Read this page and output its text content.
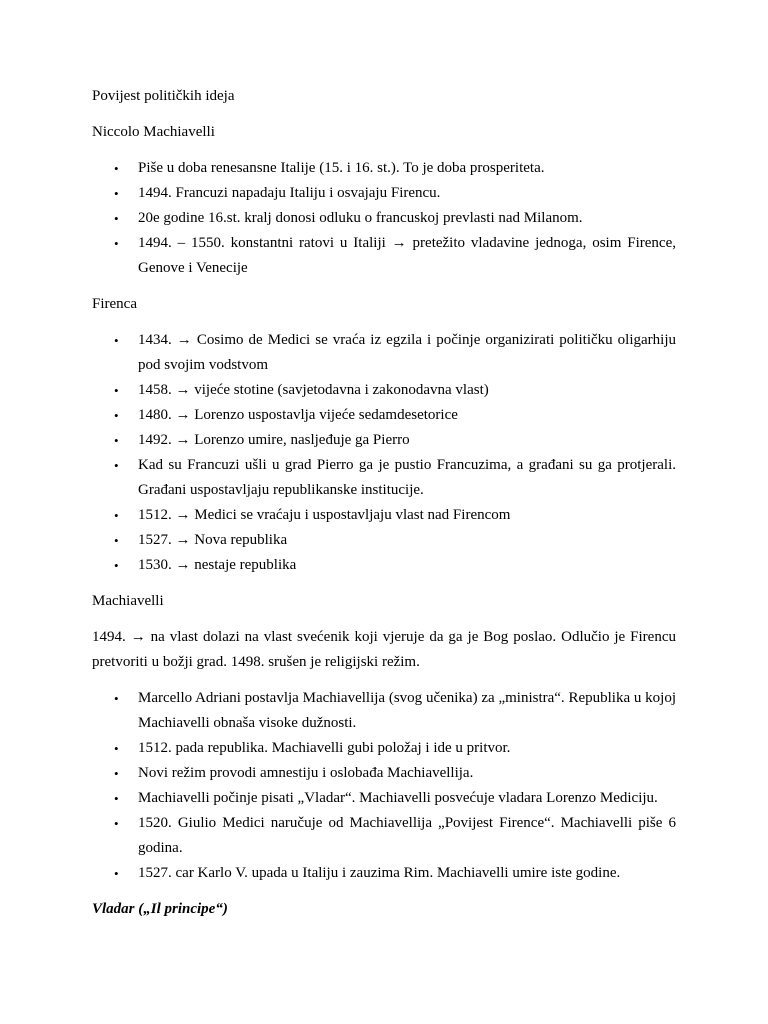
Povijest političkih ideja

Niccolo Machiavelli

• Piše u doba renesansne Italije (15. i 16. st.). To je doba prosperiteta.
• 1494. Francuzi napadaju Italiju i osvajaju Firencu.
• 20e godine 16.st. kralj donosi odluku o francuskoj prevlasti nad Milanom.
• 1494. – 1550. konstantni ratovi u Italiji → pretežito vladavine jednoga, osim Firence, Genove i Venecije

Firenca

• 1434. → Cosimo de Medici se vraća iz egzila i počinje organizirati političku oligarhiju pod svojim vodstvom
• 1458. → vijeće stotine (savjetodavna i zakonodavna vlast)
• 1480. → Lorenzo uspostavlja vijeće sedamdesetorice
• 1492. → Lorenzo umire, nasljeđuje ga Pierro
• Kad su Francuzi ušli u grad Pierro ga je pustio Francuzima, a građani su ga protjerali. Građani uspostavljaju republikanske institucije.
• 1512. → Medici se vraćaju i uspostavljaju vlast nad Firencom
• 1527. → Nova republika
• 1530. → nestaje republika

Machiavelli

1494. → na vlast dolazi na vlast svećenik koji vjeruje da ga je Bog poslao. Odlučio je Firencu pretvoriti u božji grad. 1498. srušen je religijski režim.

• Marcello Adriani postavlja Machiavellija (svog učenika) za „ministra“. Republika u kojoj Machiavelli obnaša visoke dužnosti.
• 1512. pada republika. Machiavelli gubi položaj i ide u pritvor.
• Novi režim provodi amnestiju i oslobađa Machiavellija.
• Machiavelli počinje pisati „Vladar“. Machiavelli posvećuje vladara Lorenzo Mediciju.
• 1520. Giulio Medici naručuje od Machiavellija „Povijest Firence“. Machiavelli piše 6 godina.
• 1527. car Karlo V. upada u Italiju i zauzima Rim. Machiavelli umire iste godine.

Vladar („Il principe“)
